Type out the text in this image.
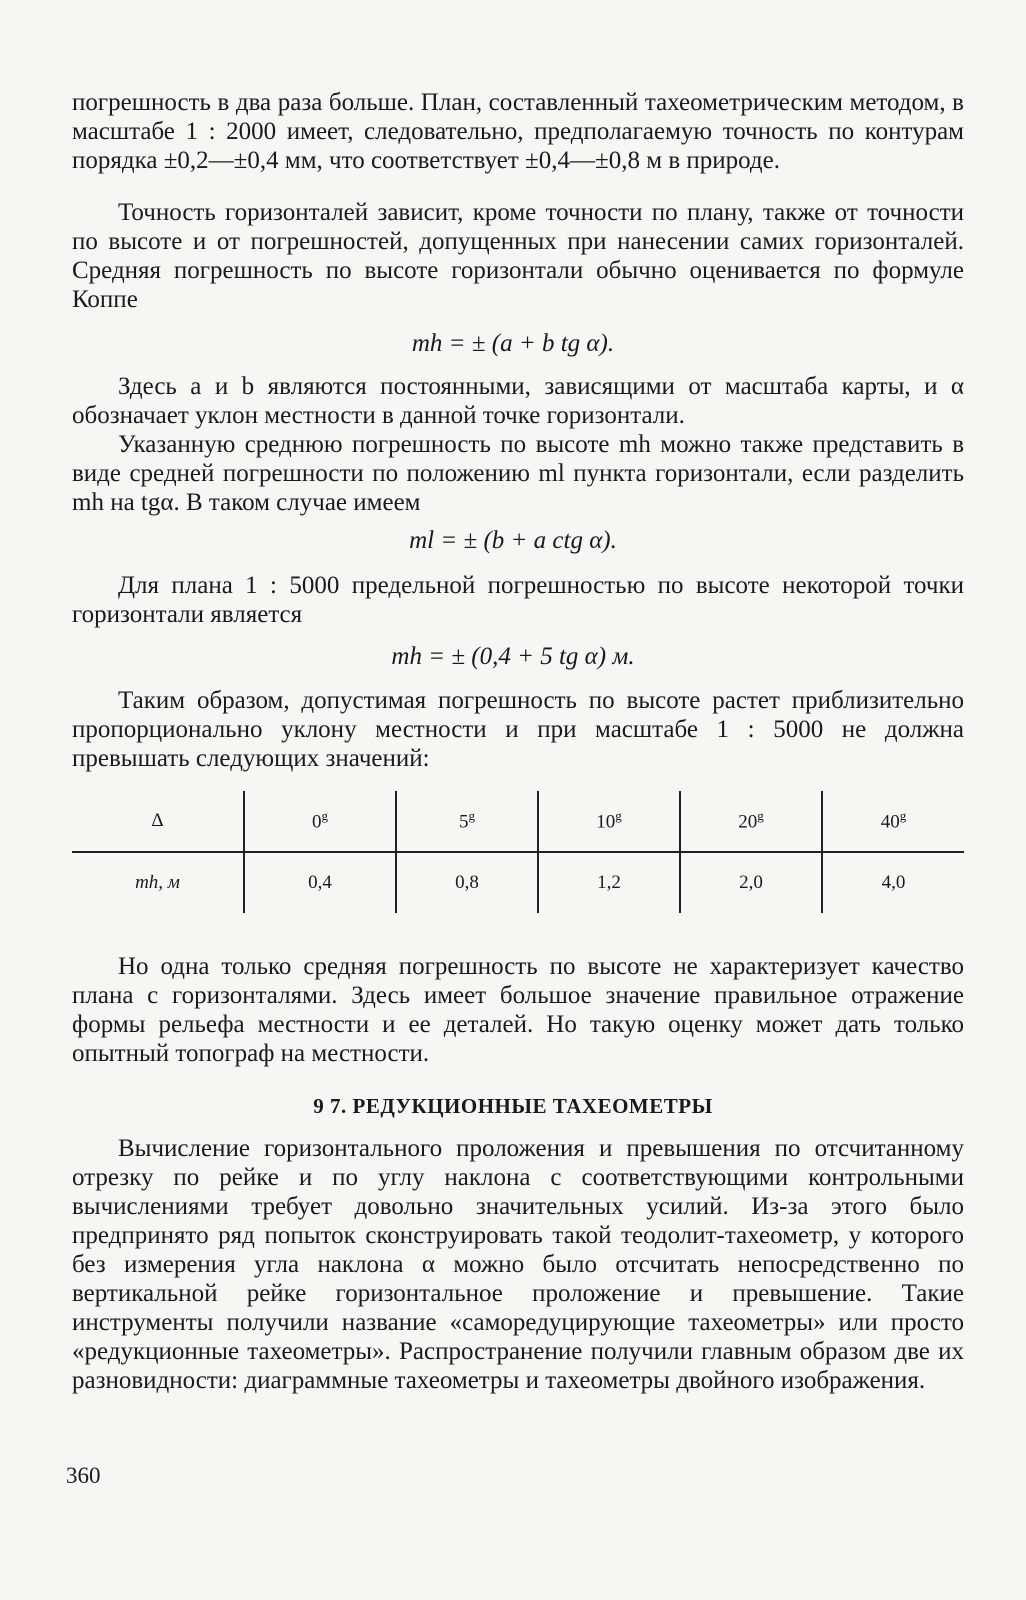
погрешность в два раза больше. План, составленный тахеометрическим методом, в масштабе 1 : 2000 имеет, следовательно, предполагаемую точность по контурам порядка ±0,2—±0,4 мм, что соответствует ±0,4—±0,8 м в природе.

Точность горизонталей зависит, кроме точности по плану, также от точности по высоте и от погрешностей, допущенных при нанесении самих горизонталей. Средняя погрешность по высоте горизонтали обычно оценивается по формуле Коппе

mh = ± (a + b tg α).

Здесь a и b являются постоянными, зависящими от масштаба карты, и α обозначает уклон местности в данной точке горизонтали.

Указанную среднюю погрешность по высоте mh можно также представить в виде средней погрешности по положению ml пункта горизонтали, если разделить mh на tgα. В таком случае имеем

ml = ± (b + a ctg α).

Для плана 1 : 5000 предельной погрешностью по высоте некоторой точки горизонтали является

mh = ± (0,4 + 5 tg α) м.

Таким образом, допустимая погрешность по высоте растет приблизительно пропорционально уклону местности и при масштабе 1 : 5000 не должна превышать следующих значений:

Δ	0$^g$	5$^g$	10$^g$	20$^g$	40$^g$
mh, м	0,4	0,8	1,2	2,0	4,0

Но одна только средняя погрешность по высоте не характеризует качество плана с горизонталями. Здесь имеет большое значение правильное отражение формы рельефа местности и ее деталей. Но такую оценку может дать только опытный топограф на местности.

9 7. РЕДУКЦИОННЫЕ ТАХЕОМЕТРЫ

Вычисление горизонтального проложения и превышения по отсчитанному отрезку по рейке и по углу наклона с соответствующими контрольными вычислениями требует довольно значительных усилий. Из-за этого было предпринято ряд попыток сконструировать такой теодолит-тахеометр, у которого без измерения угла наклона α можно было отсчитать непосредственно по вертикальной рейке горизонтальное проложение и превышение. Такие инструменты получили название «саморедуцирующие тахеометры» или просто «редукционные тахеометры». Распространение получили главным образом две их разновидности: диаграммные тахеометры и тахеометры двойного изображения.

360
